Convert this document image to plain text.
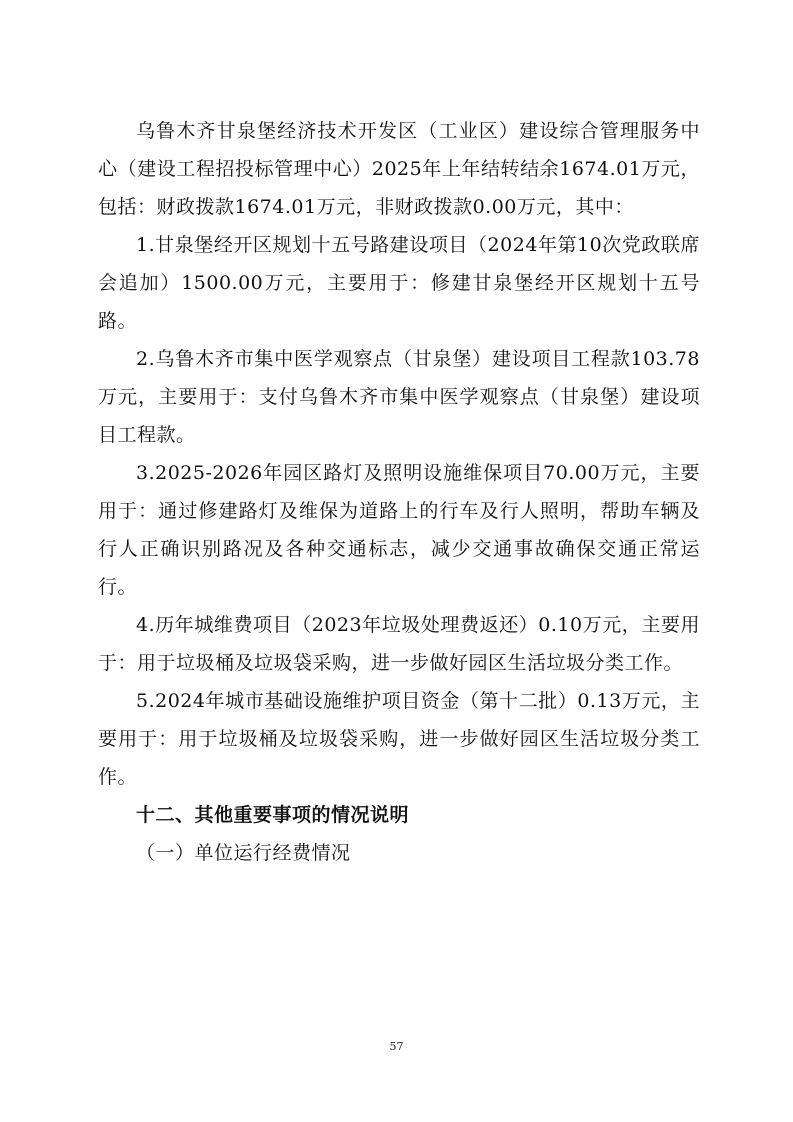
乌鲁木齐甘泉堡经济技术开发区（工业区）建设综合管理服务中心（建设工程招投标管理中心）2025年上年结转结余1674.01万元，包括：财政拨款1674.01万元，非财政拨款0.00万元，其中：

1.甘泉堡经开区规划十五号路建设项目（2024年第10次党政联席会追加）1500.00万元，主要用于：修建甘泉堡经开区规划十五号路。

2.乌鲁木齐市集中医学观察点（甘泉堡）建设项目工程款103.78万元，主要用于：支付乌鲁木齐市集中医学观察点（甘泉堡）建设项目工程款。

3.2025-2026年园区路灯及照明设施维保项目70.00万元，主要用于：通过修建路灯及维保为道路上的行车及行人照明，帮助车辆及行人正确识别路况及各种交通标志，减少交通事故确保交通正常运行。

4.历年城维费项目（2023年垃圾处理费返还）0.10万元，主要用于：用于垃圾桶及垃圾袋采购，进一步做好园区生活垃圾分类工作。

5.2024年城市基础设施维护项目资金（第十二批）0.13万元，主要用于：用于垃圾桶及垃圾袋采购，进一步做好园区生活垃圾分类工作。

十二、其他重要事项的情况说明

（一）单位运行经费情况

57
